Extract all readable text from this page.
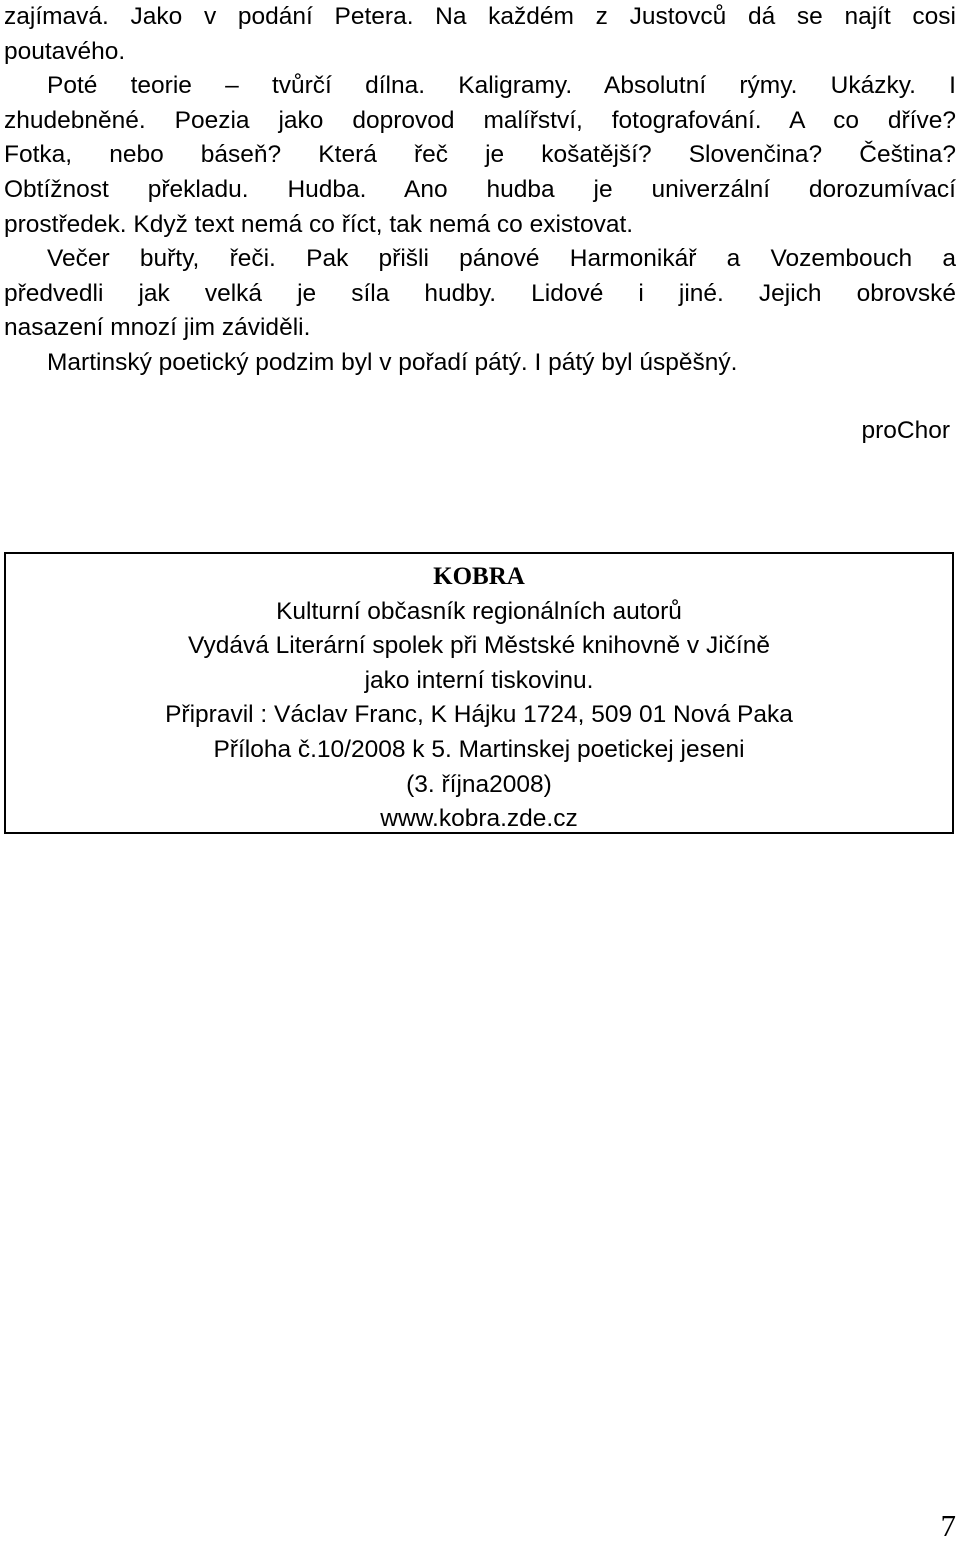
zajímavá. Jako v podání Petera. Na každém z Justovců dá se najít cosi
poutavého.
Poté teorie – tvůrčí dílna. Kaligramy. Absolutní rýmy. Ukázky. I
zhudebněné. Poezia jako doprovod malířství, fotografování. A co dříve?
Fotka, nebo báseň? Která řeč je košatější? Slovenčina? Čeština?
Obtížnost překladu. Hudba. Ano hudba je univerzální dorozumívací
prostředek. Když text nemá co říct, tak nemá co existovat.
Večer buřty, řeči. Pak přišli pánové Harmonikář a Vozembouch a
předvedli jak velká je síla hudby. Lidové i jiné. Jejich obrovské
nasazení mnozí jim záviděli.
Martinský poetický podzim byl v pořadí pátý. I pátý byl úspěšný.
proChor
KOBRA
Kulturní občasník regionálních autorů
Vydává Literární spolek při Městské knihovně v Jičíně
jako interní tiskovinu.
Připravil : Václav Franc, K Hájku 1724, 509 01 Nová Paka
Příloha č.10/2008 k 5. Martinskej poetickej jeseni
(3. října2008)
www.kobra.zde.cz
7
